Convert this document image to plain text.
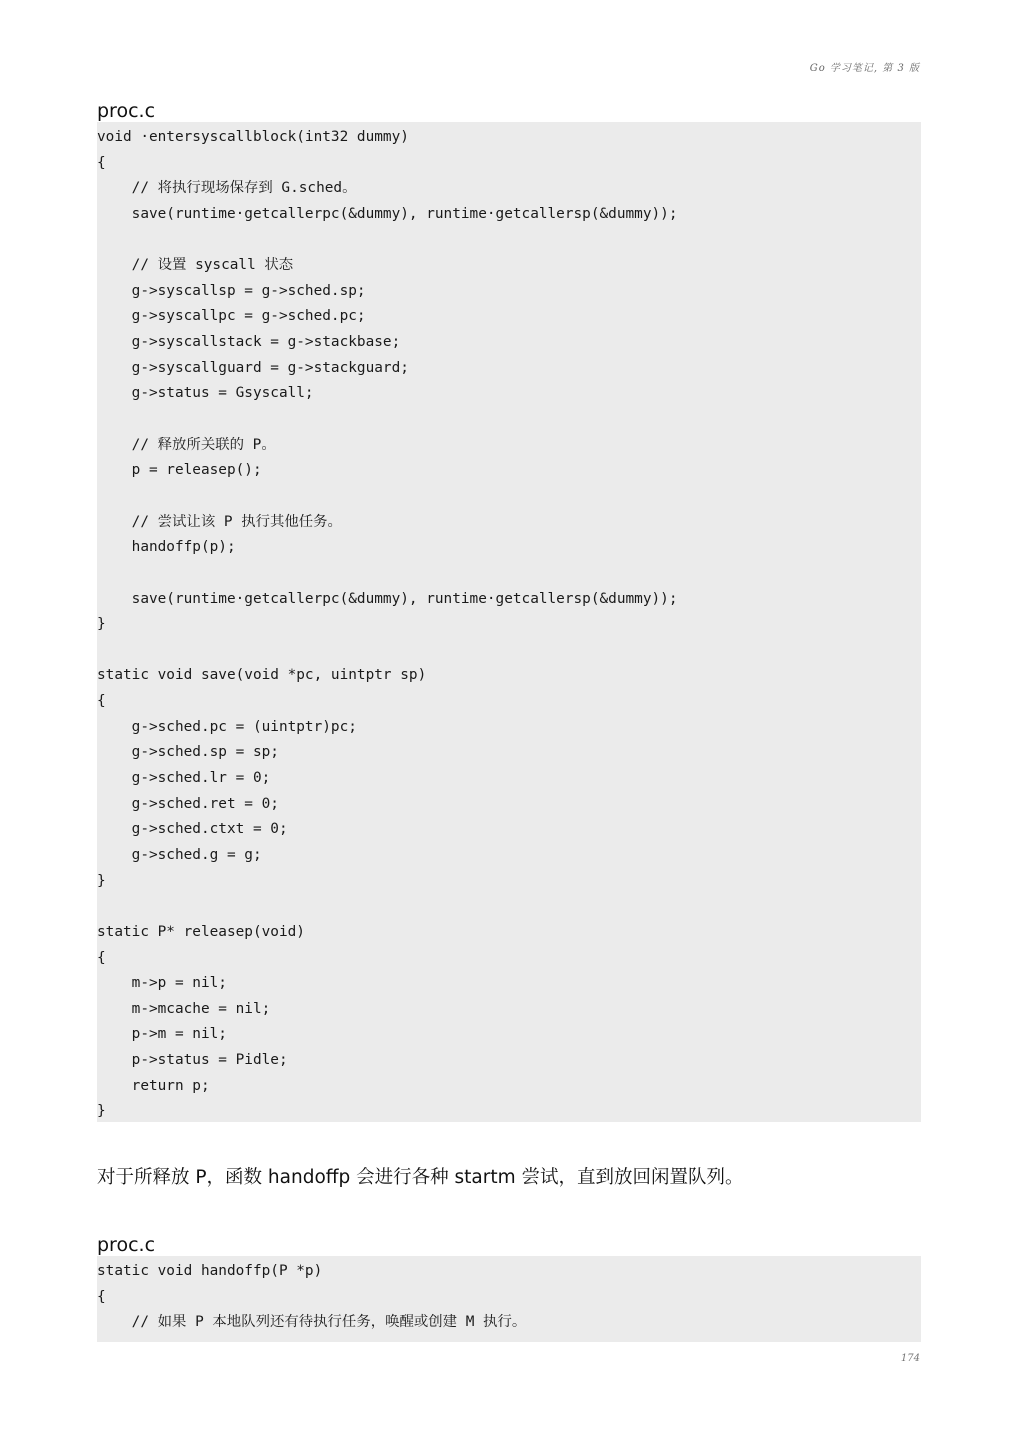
Go 学习笔记, 第 3 版
proc.c
void ·entersyscallblock(int32 dummy)
{
// 将执行现场保存到 G.sched。
save(runtime·getcallerpc(&dummy), runtime·getcallersp(&dummy));
// 设置 syscall 状态
g->syscallsp = g->sched.sp;
g->syscallpc = g->sched.pc;
g->syscallstack = g->stackbase;
g->syscallguard = g->stackguard;
g->status = Gsyscall;
// 释放所关联的 P。
p = releasep();
// 尝试让该 P 执行其他任务。
handoffp(p);
save(runtime·getcallerpc(&dummy), runtime·getcallersp(&dummy));
}
static void save(void *pc, uintptr sp)
{
g->sched.pc = (uintptr)pc;
g->sched.sp = sp;
g->sched.lr = 0;
g->sched.ret = 0;
g->sched.ctxt = 0;
g->sched.g = g;
}
static P* releasep(void)
{
m->p = nil;
m->mcache = nil;
p->m = nil;
p->status = Pidle;
return p;
}
对于所释放 P，函数 handoffp 会进行各种 startm 尝试，直到放回闲置队列。
proc.c
static void handoffp(P *p)
{
// 如果 P 本地队列还有待执行任务，唤醒或创建 M 执行。
174
